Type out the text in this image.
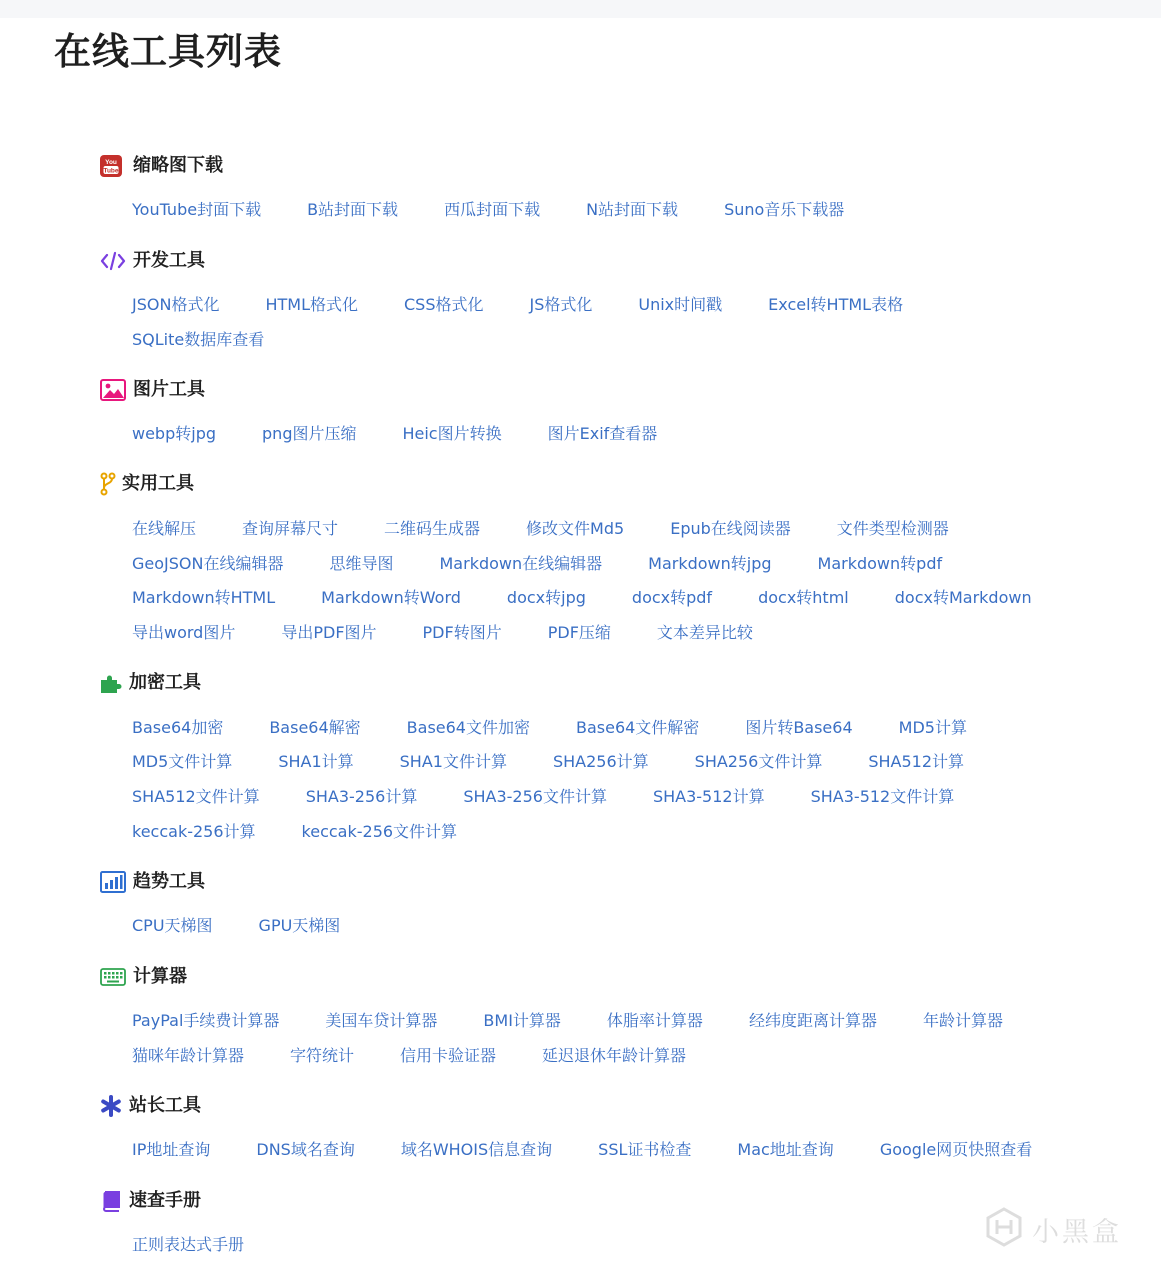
在线工具列表
You
Tube 缩略图下载
YouTube封面下载	B站封面下载	西瓜封面下载	N站封面下载	Suno音乐下载器
开发工具
JSON格式化	HTML格式化	CSS格式化	JS格式化	Unix时间戳	Excel转HTML表格
SQLite数据库查看
图片工具
webp转jpg	png图片压缩	Heic图片转换	图片Exif查看器
实用工具
在线解压	查询屏幕尺寸	二维码生成器	修改文件Md5	Epub在线阅读器	文件类型检测器
GeoJSON在线编辑器	思维导图	Markdown在线编辑器	Markdown转jpg	Markdown转pdf
Markdown转HTML	Markdown转Word	docx转jpg	docx转pdf	docx转html	docx转Markdown
导出word图片	导出PDF图片	PDF转图片	PDF压缩	文本差异比较
加密工具
Base64加密	Base64解密	Base64文件加密	Base64文件解密	图片转Base64	MD5计算
MD5文件计算	SHA1计算	SHA1文件计算	SHA256计算	SHA256文件计算	SHA512计算
SHA512文件计算	SHA3-256计算	SHA3-256文件计算	SHA3-512计算	SHA3-512文件计算
keccak-256计算	keccak-256文件计算
趋势工具
CPU天梯图	GPU天梯图
计算器
PayPal手续费计算器	美国车贷计算器	BMI计算器	体脂率计算器	经纬度距离计算器	年龄计算器
猫咪年龄计算器	字符统计	信用卡验证器	延迟退休年龄计算器
站长工具
IP地址查询	DNS域名查询	域名WHOIS信息查询	SSL证书检查	Mac地址查询	Google网页快照查看
速查手册
正则表达式手册	小黑盒
